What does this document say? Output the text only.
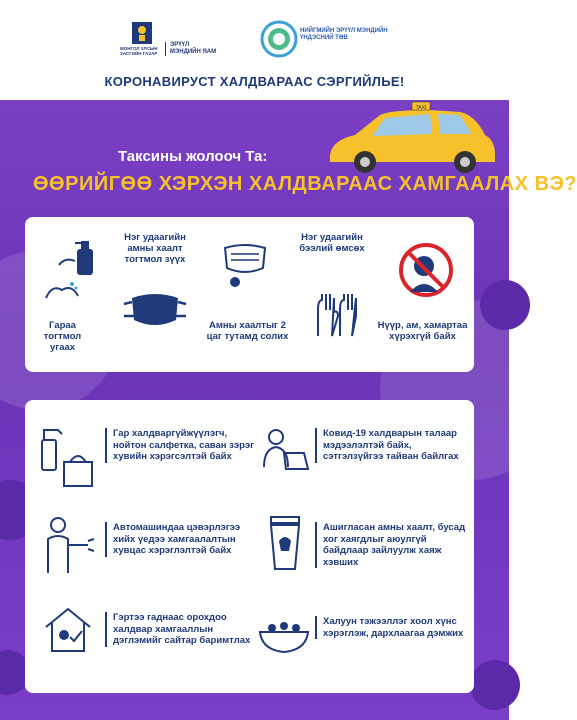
МОНГОЛ УЛСЫН ЗАСГИЙН ГАЗАР
ЭРҮҮЛ
МЭНДИЙН ЯАМ
НИЙГМИЙН ЭРҮҮЛ МЭНДИЙН
ҮНДЭСНИЙ ТӨВ
КОРОНАВИРУСТ ХАЛДВАРААС СЭРГИЙЛЬЕ!
TAXI
Таксины жолооч Та:
ӨӨРИЙГӨӨ ХЭРХЭН ХАЛДВАРААС ХАМГААЛАХ ВЭ?
Гараа тогтмол угаах
Нэг удаагийн амны хаалт тогтмол зүүх
Амны хаалтыг 2 цаг тутамд солих
Нэг удаагийн бээлий өмсөх
Нүүр, ам, хамартаа хүрэхгүй байх
Гар халдваргүйжүүлэгч, нойтон салфетка, саван зэрэг хувийн хэрэгсэлтэй байх
Ковид-19 халдварын талаар мэдээлэлтэй байх, сэтгэлзүйгээ тайван байлгах
Автомашиндаа цэвэрлэгээ хийх үедээ хамгаалалтын хувцас хэрэглэлтэй байх
Ашигласан амны хаалт, бусад хог хаягдлыг аюулгүй байдлаар зайлуулж хаяж хэвших
Гэртээ гаднаас орохдоо халдвар хамгааллын дэглэмийг сайтар баримтлах
Халуун тэжээллэг хоол хүнс хэрэглэж, дархлаагаа дэмжих
